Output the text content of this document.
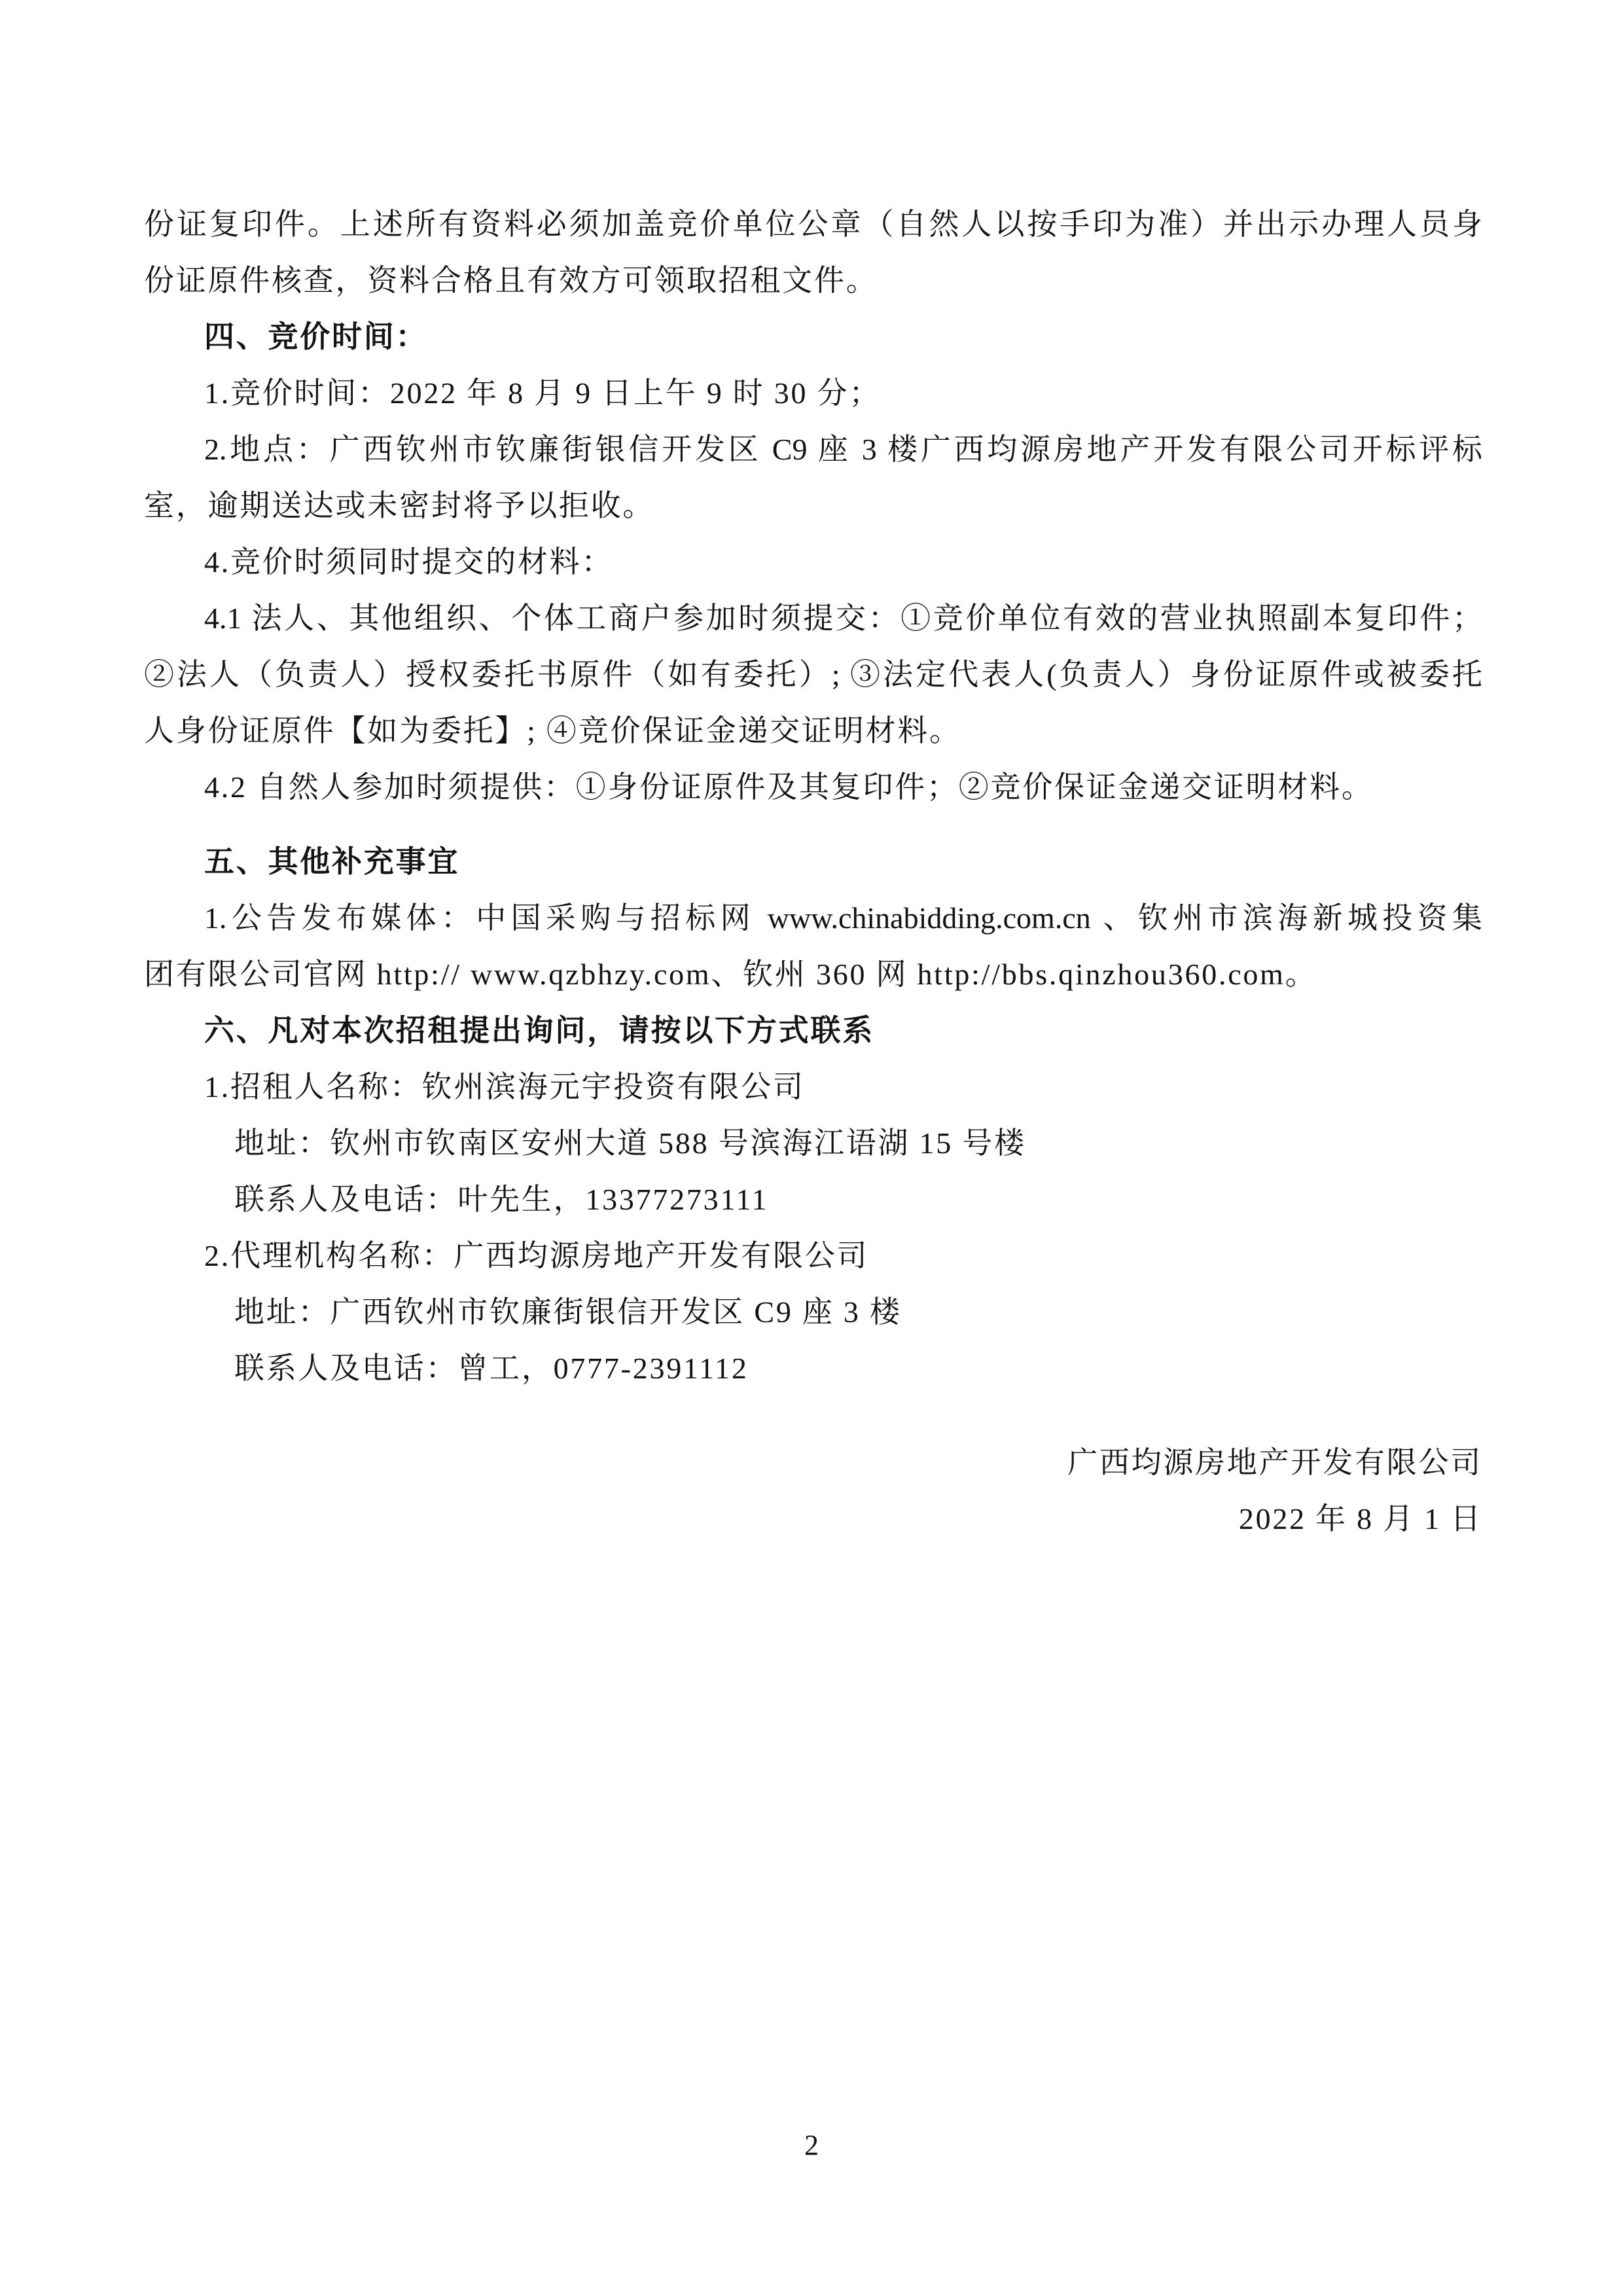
份证复印件。上述所有资料必须加盖竞价单位公章（自然人以按手印为准）并出示办理人员身
份证原件核查，资料合格且有效方可领取招租文件。
四、竞价时间：
1.竞价时间：2022 年 8 月 9 日上午 9 时 30 分；
2.地点：广西钦州市钦廉街银信开发区 C9 座 3 楼广西均源房地产开发有限公司开标评标
室，逾期送达或未密封将予以拒收。
4.竞价时须同时提交的材料：
4.1 法人、其他组织、个体工商户参加时须提交：①竞价单位有效的营业执照副本复印件；
②法人（负责人）授权委托书原件（如有委托）; ③法定代表人(负责人）身份证原件或被委托
人身份证原件【如为委托】; ④竞价保证金递交证明材料。
4.2 自然人参加时须提供：①身份证原件及其复印件；②竞价保证金递交证明材料。
五、其他补充事宜
1.公告发布媒体：中国采购与招标网 www.chinabidding.com.cn 、钦州市滨海新城投资集
团有限公司官网 http:// www.qzbhzy.com、钦州 360 网 http://bbs.qinzhou360.com。
六、凡对本次招租提出询问，请按以下方式联系
1.招租人名称：钦州滨海元宇投资有限公司
地址：钦州市钦南区安州大道 588 号滨海江语湖 15 号楼
联系人及电话：叶先生，13377273111
2.代理机构名称：广西均源房地产开发有限公司
地址：广西钦州市钦廉街银信开发区 C9 座 3 楼
联系人及电话：曾工，0777-2391112
广西均源房地产开发有限公司
2022 年 8 月 1 日
2
